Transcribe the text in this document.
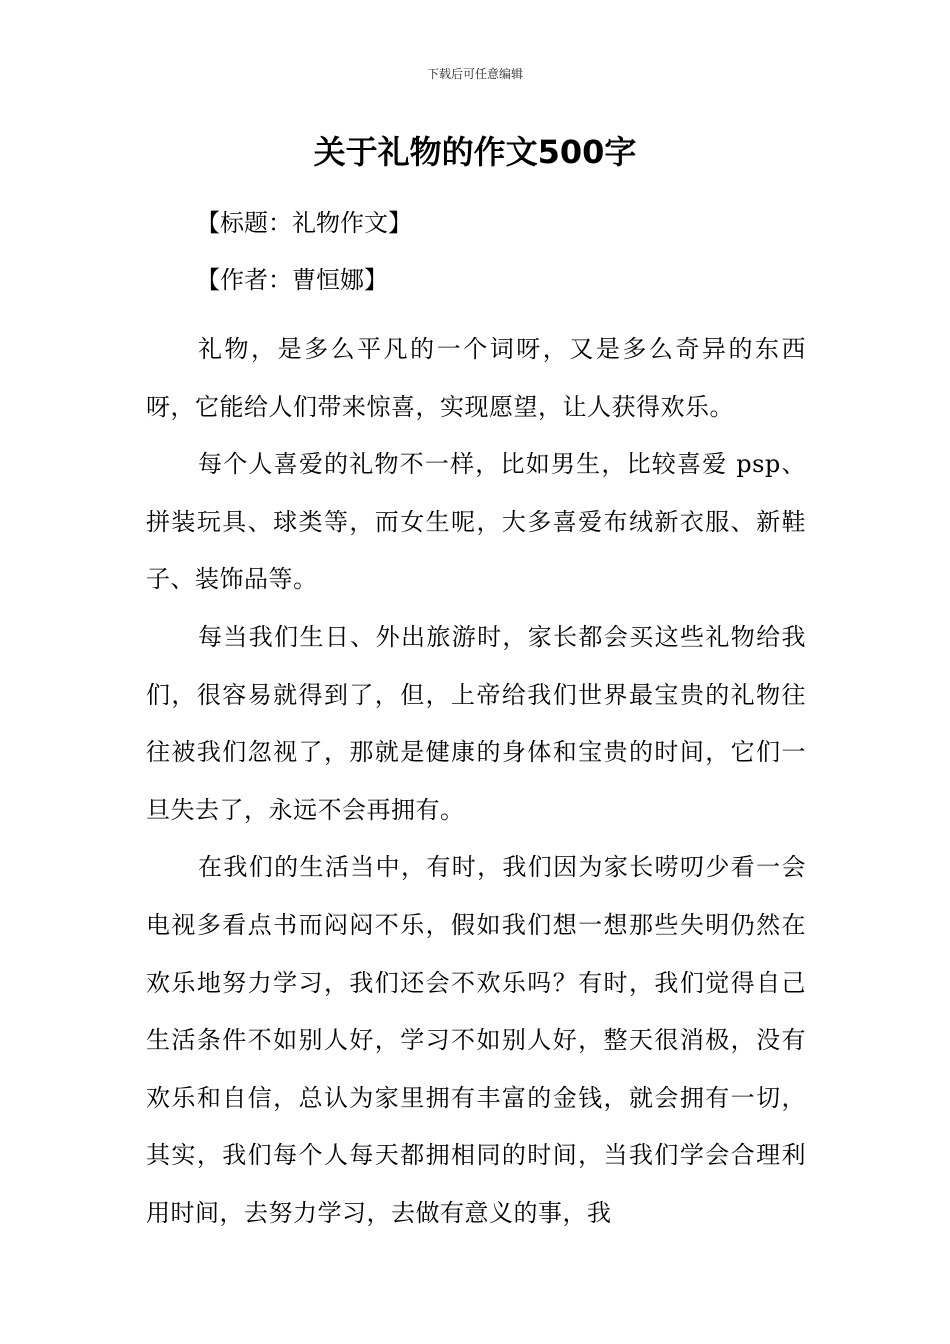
下载后可任意编辑
关于礼物的作文500字
【标题：礼物作文】
【作者：曹恒娜】

礼物，是多么平凡的一个词呀，又是多么奇异的东西呀，它能给人们带来惊喜，实现愿望，让人获得欢乐。

每个人喜爱的礼物不一样，比如男生，比较喜爱 psp、拼装玩具、球类等，而女生呢，大多喜爱布绒新衣服、新鞋子、装饰品等。

每当我们生日、外出旅游时，家长都会买这些礼物给我们，很容易就得到了，但，上帝给我们世界最宝贵的礼物往往被我们忽视了，那就是健康的身体和宝贵的时间，它们一旦失去了，永远不会再拥有。

在我们的生活当中，有时，我们因为家长唠叨少看一会电视多看点书而闷闷不乐，假如我们想一想那些失明仍然在欢乐地努力学习，我们还会不欢乐吗？有时，我们觉得自己生活条件不如别人好，学习不如别人好，整天很消极，没有欢乐和自信，总认为家里拥有丰富的金钱，就会拥有一切，其实，我们每个人每天都拥相同的时间，当我们学会合理利用时间，去努力学习，去做有意义的事，我
